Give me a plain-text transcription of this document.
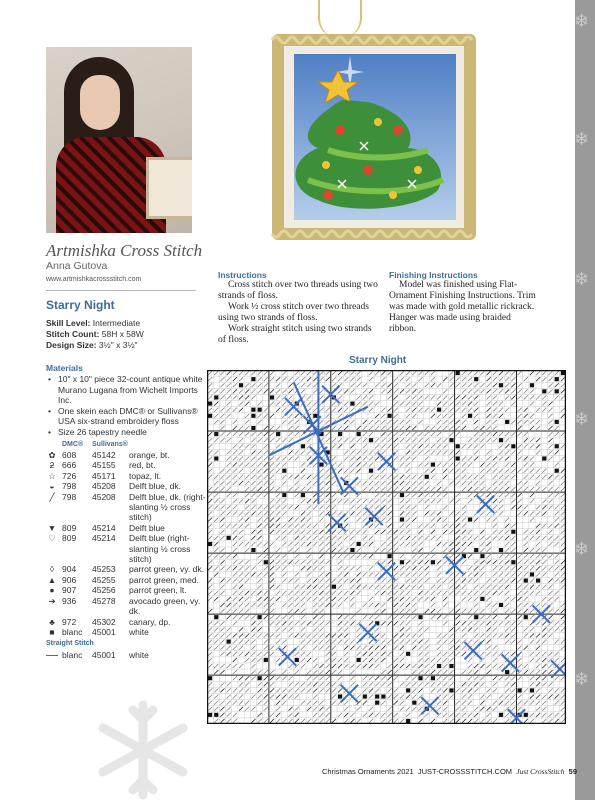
❄
❄
❄
❄
❄
❄
Artmishka Cross Stitch
Anna Gutova
www.artmishkacrossstitch.com
Starry Night
Skill Level: Intermediate
Stitch Count: 58H x 58W
Design Size: 3½" x 3½"
Materials
• 10" x 10" piece 32-count antique white Murano Lugana from Wichelt Imports Inc.
• One skein each DMC® or Sullivans® USA six-strand embroidery floss
• Size 26 tapestry needle
DMC® Sullivans®
✿ 608	45142	orange, bt.
ƻ 666	45155	red, bt.
☆ 726	45171	topaz, lt.
◒ 798	45208	Delft blue, dk.
╱ 798	45208	Delft blue, dk. (right-slanting ½ cross stitch)
▼ 809	45214	Delft blue
♡ 809	45214	Delft blue (right-slanting ½ cross stitch)
◊ 904	45253	parrot green, vy. dk.
▲ 906	45255	parrot green, med.
● 907	45256	parrot green, lt.
➔ 936	45278	avocado green, vy. dk.
♣ 972	45302	canary, dp.
■ blanc	45001	white
Straight Stitch
blanc	45001	white
Instructions

Cross stitch over two threads using two strands of floss.

Work ½ cross stitch over two threads using two strands of floss.

Work straight stitch using two strands of floss.

Finishing Instructions

Model was finished using Flat-Ornament Finishing Instructions. Trim was made with gold metallic rickrack. Hanger was made using braided ribbon.

Starry Night
Christmas Ornaments 2021 JUST-CROSSSTITCH.COM Just CrossStitch 59
